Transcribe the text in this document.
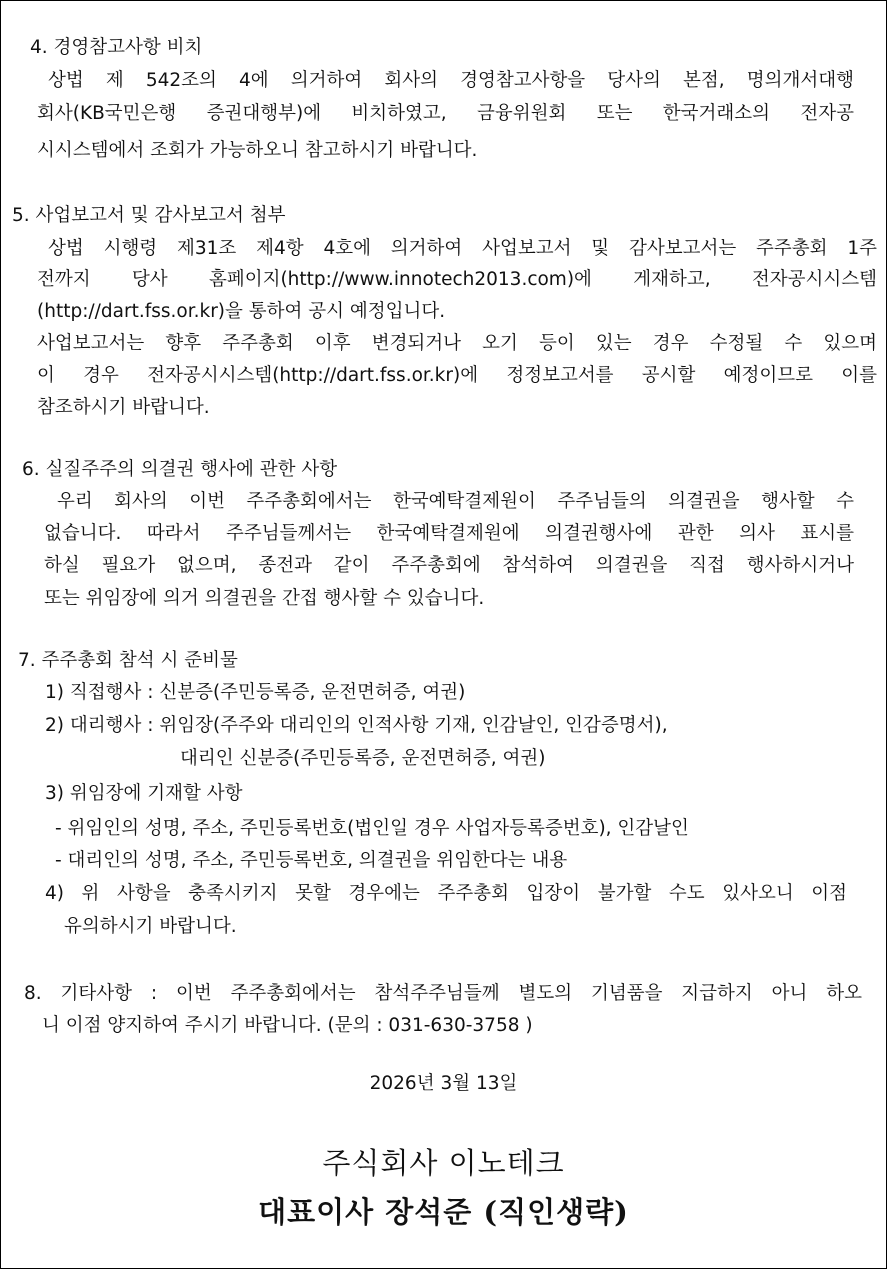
4. 경영참고사항 비치
상법 제 542조의 4에 의거하여 회사의 경영참고사항을 당사의 본점, 명의개서대행
회사(KB국민은행 증권대행부)에 비치하였고, 금융위원회 또는 한국거래소의 전자공
시시스템에서 조회가 가능하오니 참고하시기 바랍니다.
5. 사업보고서 및 감사보고서 첨부
상법 시행령 제31조 제4항 4호에 의거하여 사업보고서 및 감사보고서는 주주총회 1주
전까지 당사 홈페이지(http://www.innotech2013.com)에 게재하고, 전자공시시스템
(http://dart.fss.or.kr)을 통하여 공시 예정입니다.
사업보고서는 향후 주주총회 이후 변경되거나 오기 등이 있는 경우 수정될 수 있으며
이 경우 전자공시시스템(http://dart.fss.or.kr)에 정정보고서를 공시할 예정이므로 이를
참조하시기 바랍니다.
6. 실질주주의 의결권 행사에 관한 사항
우리 회사의 이번 주주총회에서는 한국예탁결제원이 주주님들의 의결권을 행사할 수
없습니다. 따라서 주주님들께서는 한국예탁결제원에 의결권행사에 관한 의사 표시를
하실 필요가 없으며, 종전과 같이 주주총회에 참석하여 의결권을 직접 행사하시거나
또는 위임장에 의거 의결권을 간접 행사할 수 있습니다.
7. 주주총회 참석 시 준비물
1) 직접행사 : 신분증(주민등록증, 운전면허증, 여권)
2) 대리행사 : 위임장(주주와 대리인의 인적사항 기재, 인감날인, 인감증명서),
대리인 신분증(주민등록증, 운전면허증, 여권)
3) 위임장에 기재할 사항
- 위임인의 성명, 주소, 주민등록번호(법인일 경우 사업자등록증번호), 인감날인
- 대리인의 성명, 주소, 주민등록번호, 의결권을 위임한다는 내용
4) 위 사항을 충족시키지 못할 경우에는 주주총회 입장이 불가할 수도 있사오니 이점
유의하시기 바랍니다.
8. 기타사항 : 이번 주주총회에서는 참석주주님들께 별도의 기념품을 지급하지 아니 하오
니 이점 양지하여 주시기 바랍니다. (문의 : 031-630-3758 )
2026년 3월 13일
주식회사 이노테크
대표이사 장석준 (직인생략)
